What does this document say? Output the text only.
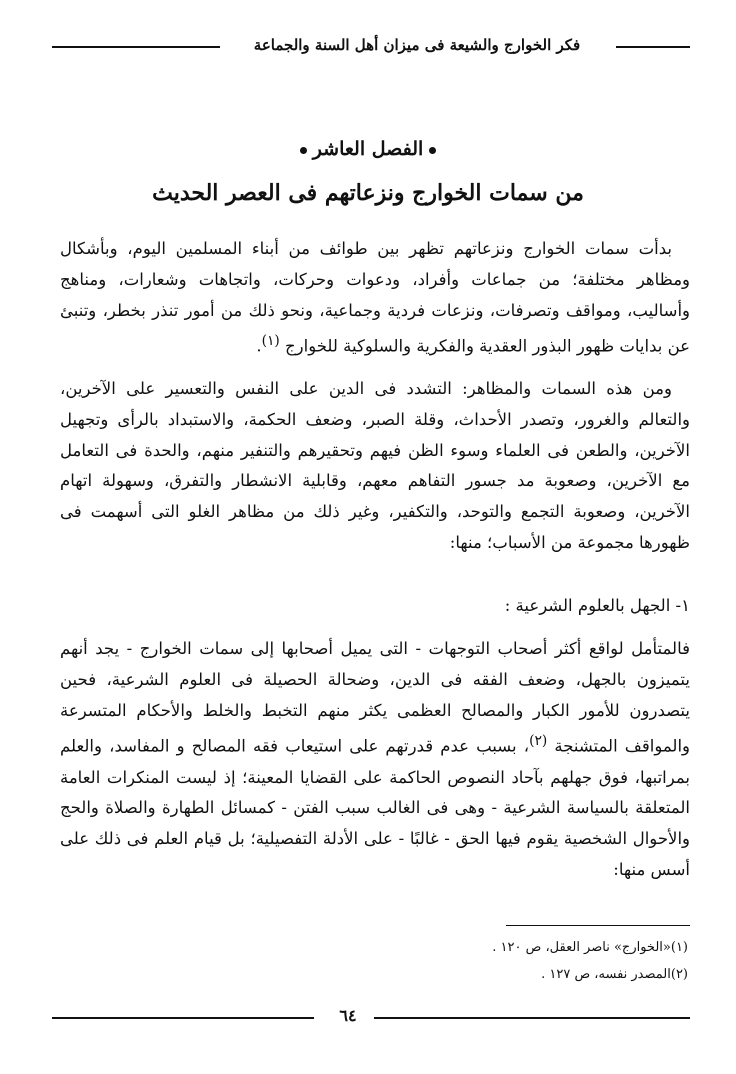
فكر الخوارج والشيعة فى ميزان أهل السنة والجماعة
الفصل العاشر
من سمات الخوارج ونزعاتهم فى العصر الحديث

بدأت سمات الخوارج ونزعاتهم تظهر بين طوائف من أبناء المسلمين اليوم، وبأشكال ومظاهر مختلفة؛ من جماعات وأفراد، ودعوات وحركات، واتجاهات وشعارات، ومناهج وأساليب، ومواقف وتصرفات، ونزعات فردية وجماعية، ونحو ذلك من أمور تنذر بخطر، وتنبئ عن بدايات ظهور البذور العقدية والفكرية والسلوكية للخوارج $^{(١)}$.

ومن هذه السمات والمظاهر: التشدد فى الدين على النفس والتعسير على الآخرين، والتعالم والغرور، وتصدر الأحداث، وقلة الصبر، وضعف الحكمة، والاستبداد بالرأى وتجهيل الآخرين، والطعن فى العلماء وسوء الظن فيهم وتحقيرهم والتنفير منهم، والحدة فى التعامل مع الآخرين، وصعوبة مد جسور التفاهم معهم، وقابلية الانشطار والتفرق، وسهولة اتهام الآخرين، وصعوبة التجمع والتوحد، والتكفير، وغير ذلك من مظاهر الغلو التى أسهمت فى ظهورها مجموعة من الأسباب؛ منها:

١- الجهل بالعلوم الشرعية :

فالمتأمل لواقع أكثر أصحاب التوجهات - التى يميل أصحابها إلى سمات الخوارج - يجد أنهم يتميزون بالجهل، وضعف الفقه فى الدين، وضحالة الحصيلة فى العلوم الشرعية، فحين يتصدرون للأمور الكبار والمصالح العظمى يكثر منهم التخبط والخلط والأحكام المتسرعة والمواقف المتشنجة $^{(٢)}$، بسبب عدم قدرتهم على استيعاب فقه المصالح و المفاسد، والعلم بمراتبها، فوق جهلهم بآحاد النصوص الحاكمة على القضايا المعينة؛ إذ ليست المنكرات العامة المتعلقة بالسياسة الشرعية - وهى فى الغالب سبب الفتن - كمسائل الطهارة والصلاة والحج والأحوال الشخصية يقوم فيها الحق - غالبًا - على الأدلة التفصيلية؛ بل قيام العلم فى ذلك على أسس منها:

(١)«الخوارج» ناصر العقل، ص ١٢٠ .
(٢)المصدر نفسه، ص ١٢٧ .
٦٤
